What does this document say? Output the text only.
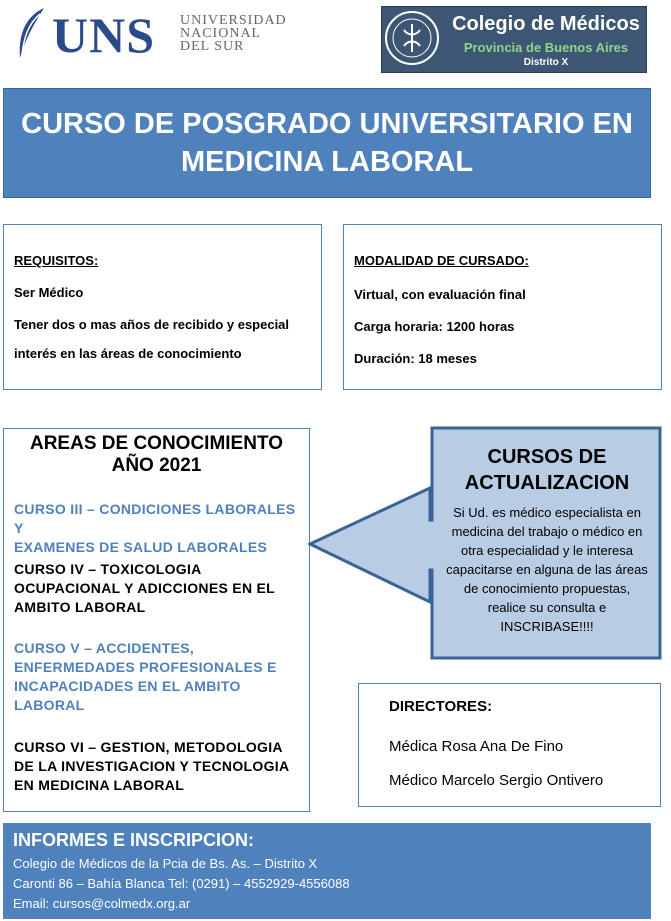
UNS UNIVERSIDAD
NACIONAL
DEL SUR
Colegio de Médicos
Provincia de Buenos Aires
Distrito X
CURSO DE POSGRADO UNIVERSITARIO EN
MEDICINA LABORAL
REQUISITOS:
Ser Médico
Tener dos o mas años de recibido y especial
interés en las áreas de conocimiento
MODALIDAD DE CURSADO:
Virtual, con evaluación final
Carga horaria: 1200 horas
Duración: 18 meses
AREAS DE CONOCIMIENTO
AÑO 2021
CURSO III – CONDICIONES LABORALES Y
EXAMENES DE SALUD LABORALES
CURSO IV – TOXICOLOGIA
OCUPACIONAL Y ADICCIONES EN EL
AMBITO LABORAL
CURSO V – ACCIDENTES,
ENFERMEDADES PROFESIONALES E
INCAPACIDADES EN EL AMBITO
LABORAL
CURSO VI – GESTION, METODOLOGIA
DE LA INVESTIGACION Y TECNOLOGIA
EN MEDICINA LABORAL
CURSOS DE
ACTUALIZACION
Si Ud. es médico especialista en
medicina del trabajo o médico en
otra especialidad y le interesa
capacitarse en alguna de las áreas
de conocimiento propuestas,
realice su consulta e
INSCRIBASE!!!!
DIRECTORES:
Médica Rosa Ana De Fino
Médico Marcelo Sergio Ontivero
INFORMES E INSCRIPCION:
Colegio de Médicos de la Pcia de Bs. As. – Distrito X
Caronti 86 – Bahía Blanca Tel: (0291) – 4552929-4556088
Email: cursos@colmedx.org.ar
